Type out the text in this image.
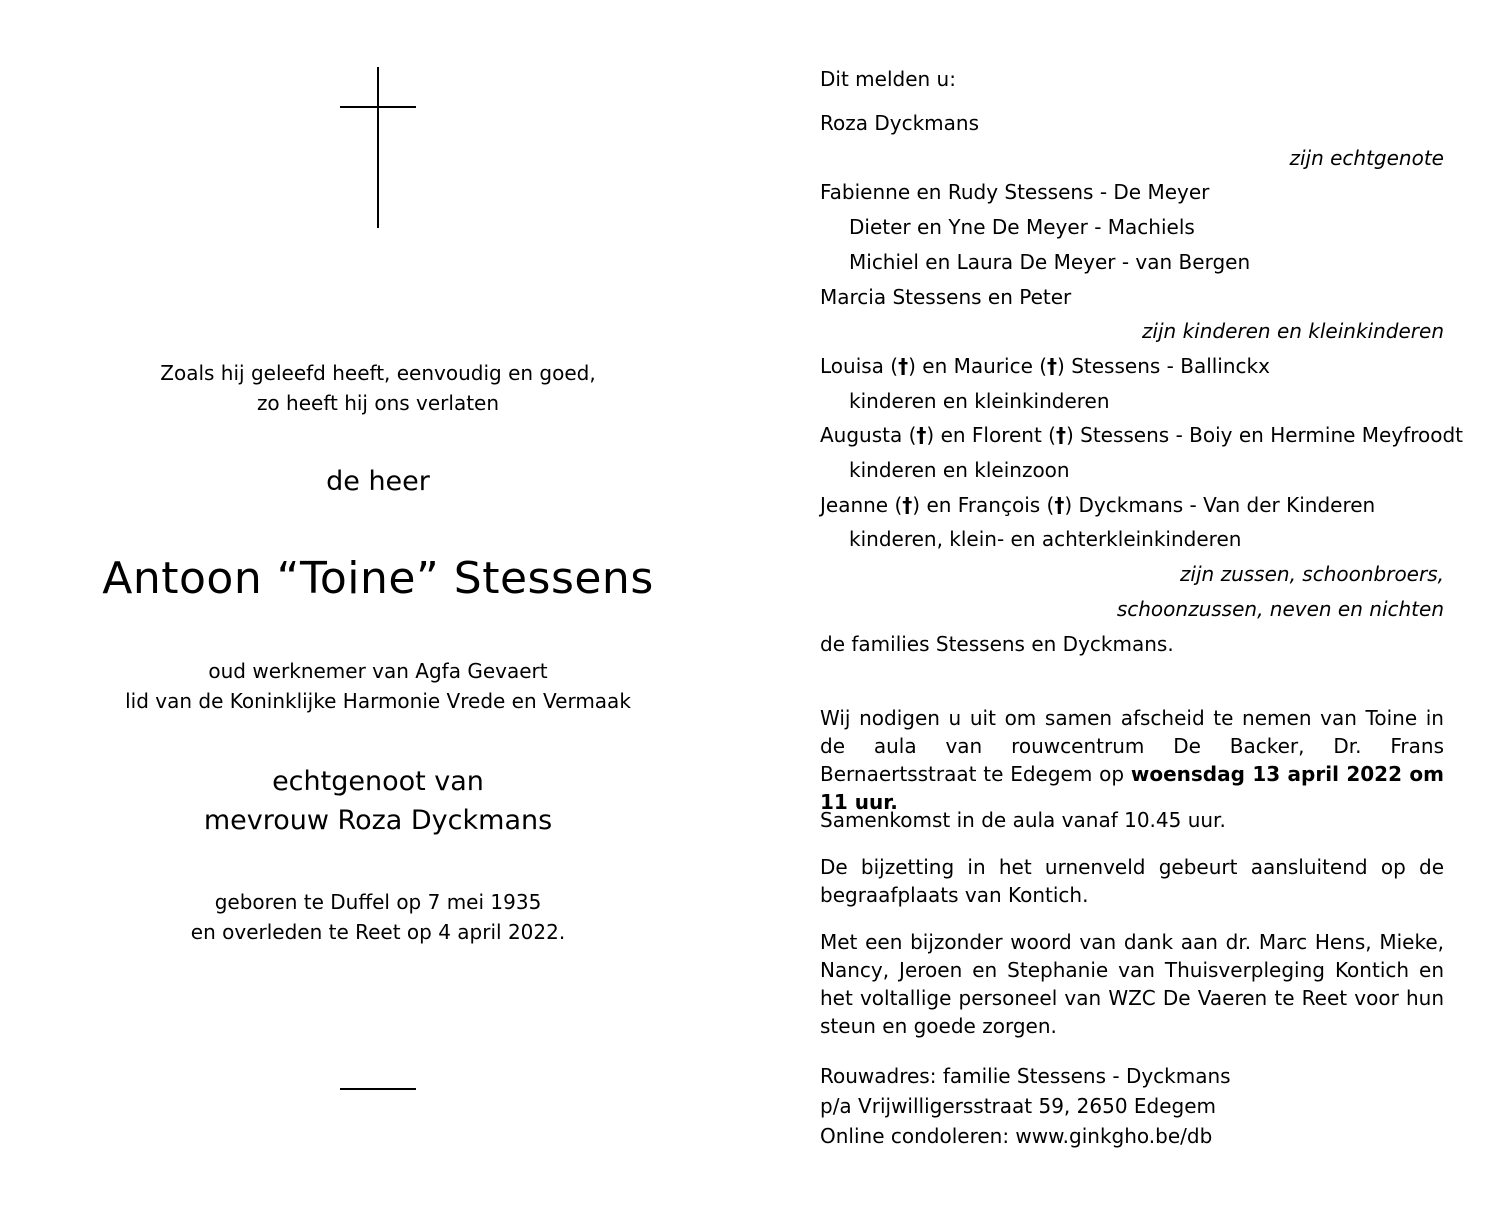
Zoals hij geleefd heeft, eenvoudig en goed,
zo heeft hij ons verlaten
de heer
Antoon “Toine” Stessens
oud werknemer van Agfa Gevaert
lid van de Koninklijke Harmonie Vrede en Vermaak
echtgenoot van
mevrouw Roza Dyckmans
geboren te Duffel op 7 mei 1935
en overleden te Reet op 4 april 2022.
Dit melden u:
Roza Dyckmans
zijn echtgenote
Fabienne en Rudy Stessens - De Meyer
Dieter en Yne De Meyer - Machiels
Michiel en Laura De Meyer - van Bergen
Marcia Stessens en Peter
zijn kinderen en kleinkinderen
Louisa (†) en Maurice (†) Stessens - Ballinckx
kinderen en kleinkinderen
Augusta (†) en Florent (†) Stessens - Boiy en Hermine Meyfroodt
kinderen en kleinzoon
Jeanne (†) en François (†) Dyckmans - Van der Kinderen
kinderen, klein- en achterkleinkinderen
zijn zussen, schoonbroers,
schoonzussen, neven en nichten
de families Stessens en Dyckmans.
Wij nodigen u uit om samen afscheid te nemen van Toine in de aula van rouwcentrum De Backer, Dr. Frans Bernaertsstraat te Edegem op woensdag 13 april 2022 om 11 uur.
Samenkomst in de aula vanaf 10.45 uur.
De bijzetting in het urnenveld gebeurt aansluitend op de begraafplaats van Kontich.
Met een bijzonder woord van dank aan dr. Marc Hens, Mieke, Nancy, Jeroen en Stephanie van Thuisverpleging Kontich en het voltallige personeel van WZC De Vaeren te Reet voor hun steun en goede zorgen.
Rouwadres: familie Stessens - Dyckmans
p/a Vrijwilligersstraat 59, 2650 Edegem
Online condoleren: www.ginkgho.be/db
